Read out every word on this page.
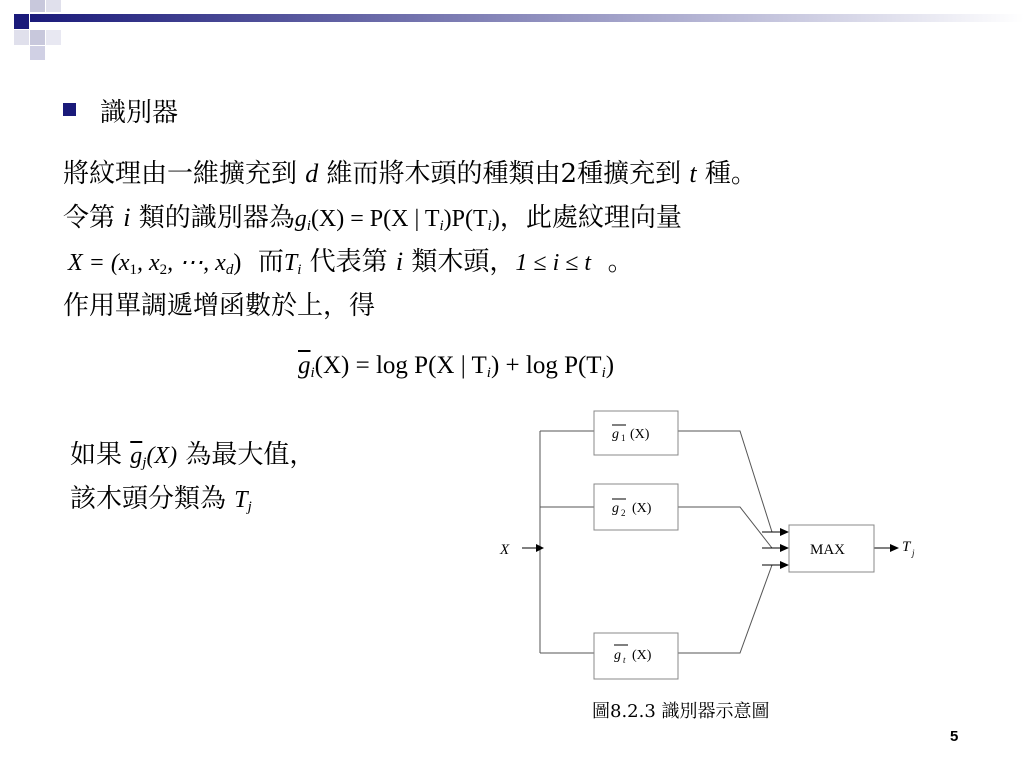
識別器
將紋理由一維擴充到 d 維而將木頭的種類由2種擴充到 t 種。
令第 i 類的識別器為$g_i(X) = P(X$ | $T_i)P(T_i)$，此處紋理向量
$X = (x_1$, $x_2$, ⋯, $x_d$)  而$T_i$ 代表第 i 類木頭，1 ≤ i ≤ t  。
作用單調遞增函數於上，得
$\overline{g}_i(X) = \log P(X$ | $T_i) + \log P(T_i)$
如果 $\overline{g}_j(X)$ 為最大值，
該木頭分類為 $T_j$
X
g 1 (X)
g 2 (X)
g t (X)
MAX	T j
圖8.2.3 識別器示意圖
5
